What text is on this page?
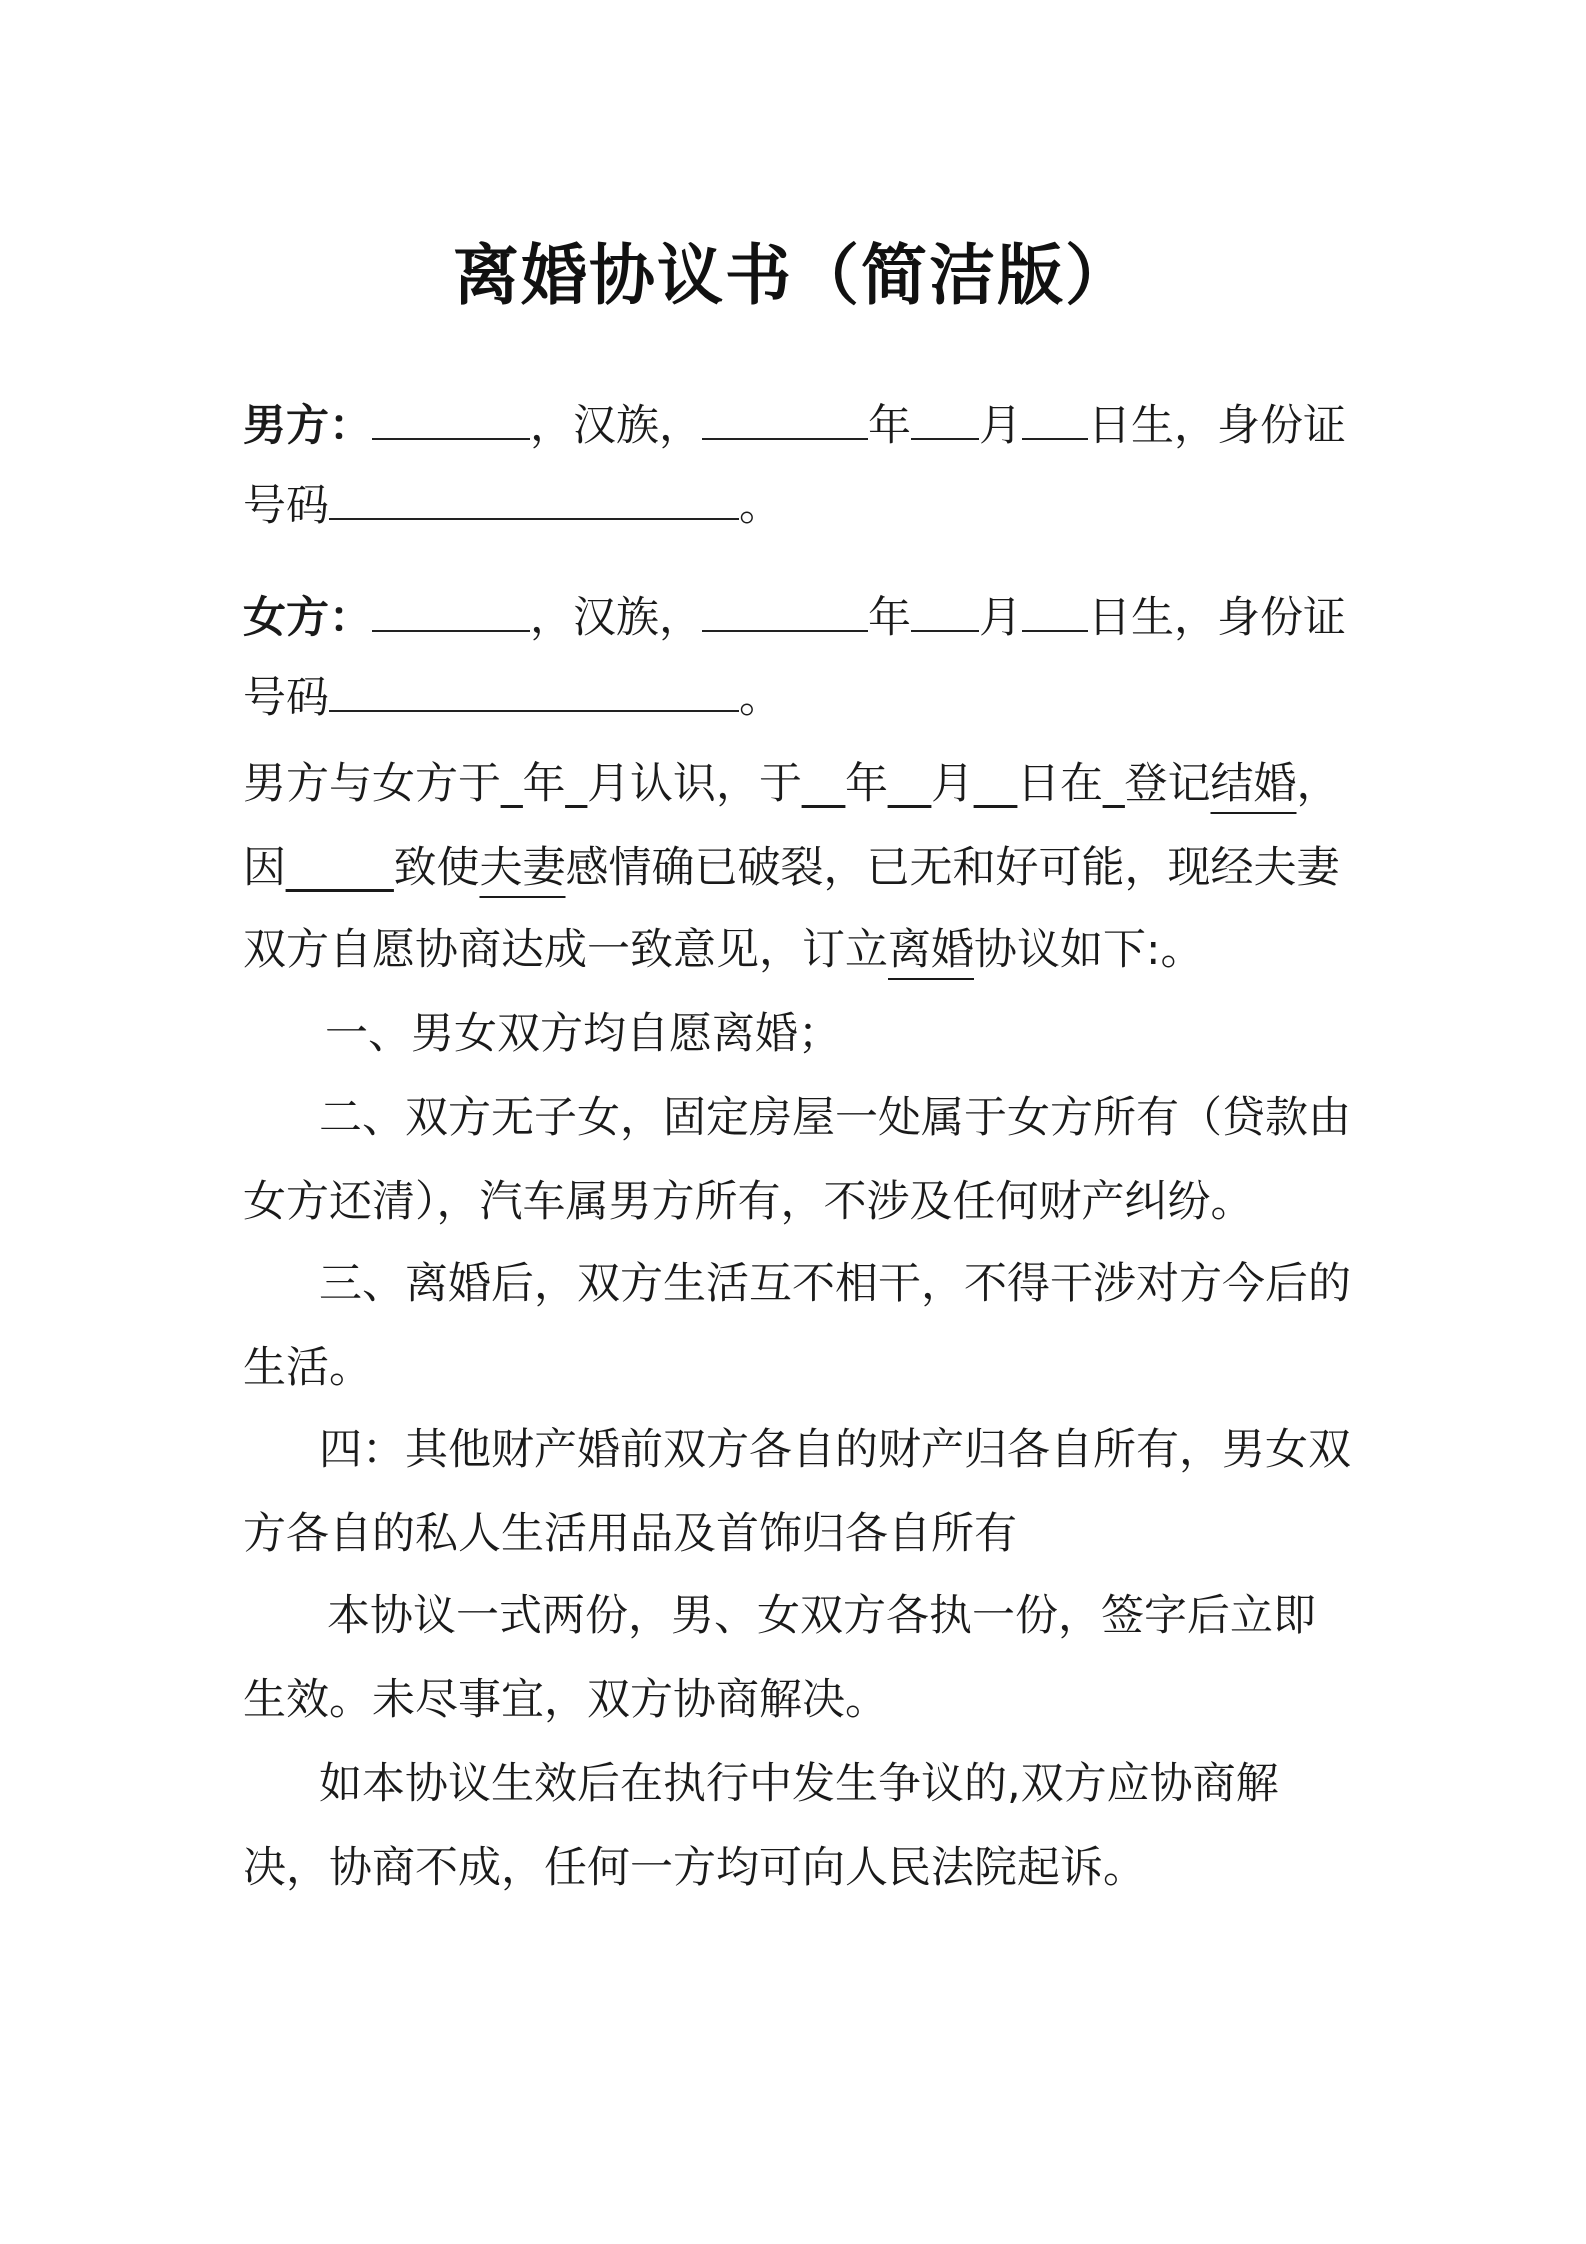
离婚协议书（简洁版）
男方：	，汉族，	年 月 日生，身份证
号码	。
女方：	，汉族，	年 月 日生，身份证
号码	。
男方与女方于_年_月认识，于__年__月__日在_登记结婚，
因_____致使夫妻感情确已破裂，已无和好可能，现经夫妻
双方自愿协商达成一致意见，订立离婚协议如下:。
一、男女双方均自愿离婚；
二、双方无子女，固定房屋一处属于女方所有（贷款由女方还清），汽车属男方所有，不涉及任何财产纠纷。
三、离婚后，双方生活互不相干，不得干涉对方今后的生活。
四：其他财产婚前双方各自的财产归各自所有，男女双方各自的私人生活用品及首饰归各自所有
本协议一式两份，男、女双方各执一份，签字后立即生效。未尽事宜，双方协商解决。
如本协议生效后在执行中发生争议的,双方应协商解决，协商不成，任何一方均可向人民法院起诉。
